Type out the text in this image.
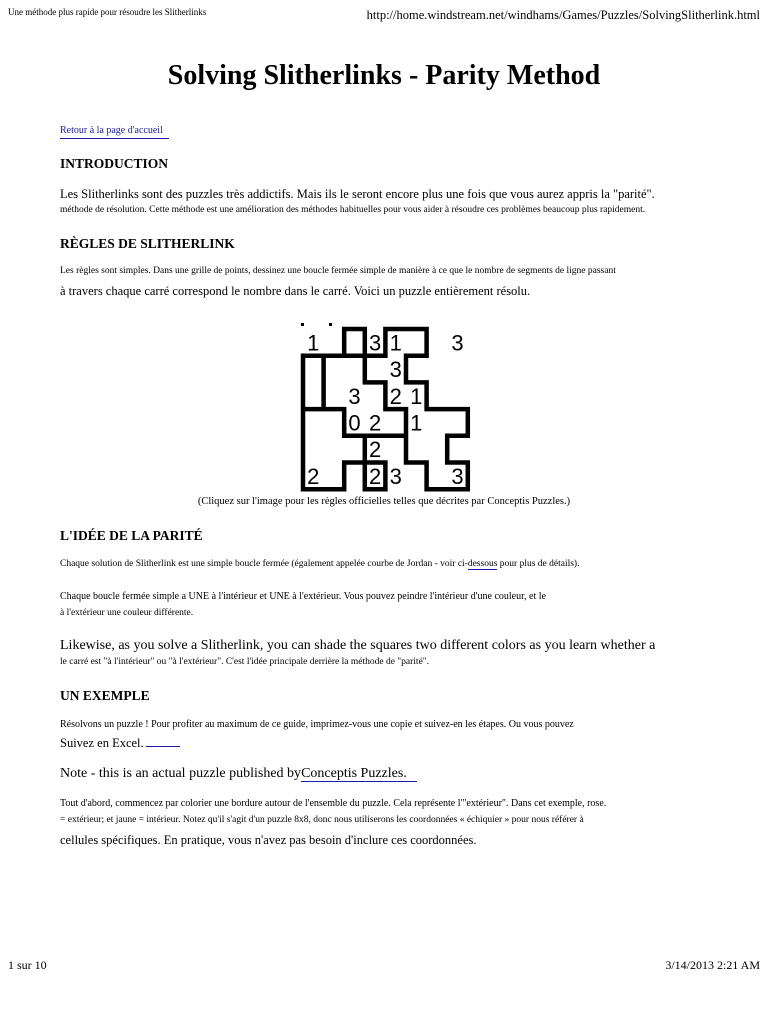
Une méthode plus rapide pour résoudre les Slitherlinks	http://home.windstream.net/windhams/Games/Puzzles/SolvingSlitherlink.html
Solving Slitherlinks - Parity Method
Retour à la page d'accueil
INTRODUCTION
Les Slitherlinks sont des puzzles très addictifs. Mais ils le seront encore plus une fois que vous aurez appris la "parité".
méthode de résolution. Cette méthode est une amélioration des méthodes habituelles pour vous aider à résoudre ces problèmes beaucoup plus rapidement.
RÈGLES DE SLITHERLINK
Les règles sont simples. Dans une grille de points, dessinez une boucle fermée simple de manière à ce que le nombre de segments de ligne passant
à travers chaque carré correspond le nombre dans le carré. Voici un puzzle entièrement résolu.
1 3 1 3
3
3 2 1
0 2 1
2
2 2 3 3
(Cliquez sur l'image pour les règles officielles telles que décrites par Conceptis Puzzles.)
L'IDÉE DE LA PARITÉ
Chaque solution de Slitherlink est une simple boucle fermée (également appelée courbe de Jordan - voir ci-dessous pour plus de détails).
Chaque boucle fermée simple a UNE à l'intérieur et UNE à l'extérieur. Vous pouvez peindre l'intérieur d'une couleur, et le
à l'extérieur une couleur différente.
Likewise, as you solve a Slitherlink, you can shade the squares two different colors as you learn whether a
le carré est "à l'intérieur" ou "à l'extérieur". C'est l'idée principale derrière la méthode de "parité".
UN EXEMPLE
Résolvons un puzzle ! Pour profiter au maximum de ce guide, imprimez-vous une copie et suivez-en les étapes. Ou vous pouvez
Suivez en Excel.
Note - this is an actual puzzle published byConceptis Puzzles.
Tout d'abord, commencez par colorier une bordure autour de l'ensemble du puzzle. Cela représente l'"extérieur". Dans cet exemple, rose.
= extérieur; et jaune = intérieur. Notez qu'il s'agit d'un puzzle 8x8, donc nous utiliserons les coordonnées « échiquier » pour nous référer à
cellules spécifiques. En pratique, vous n'avez pas besoin d'inclure ces coordonnées.
1 sur 10	3/14/2013 2:21 AM
